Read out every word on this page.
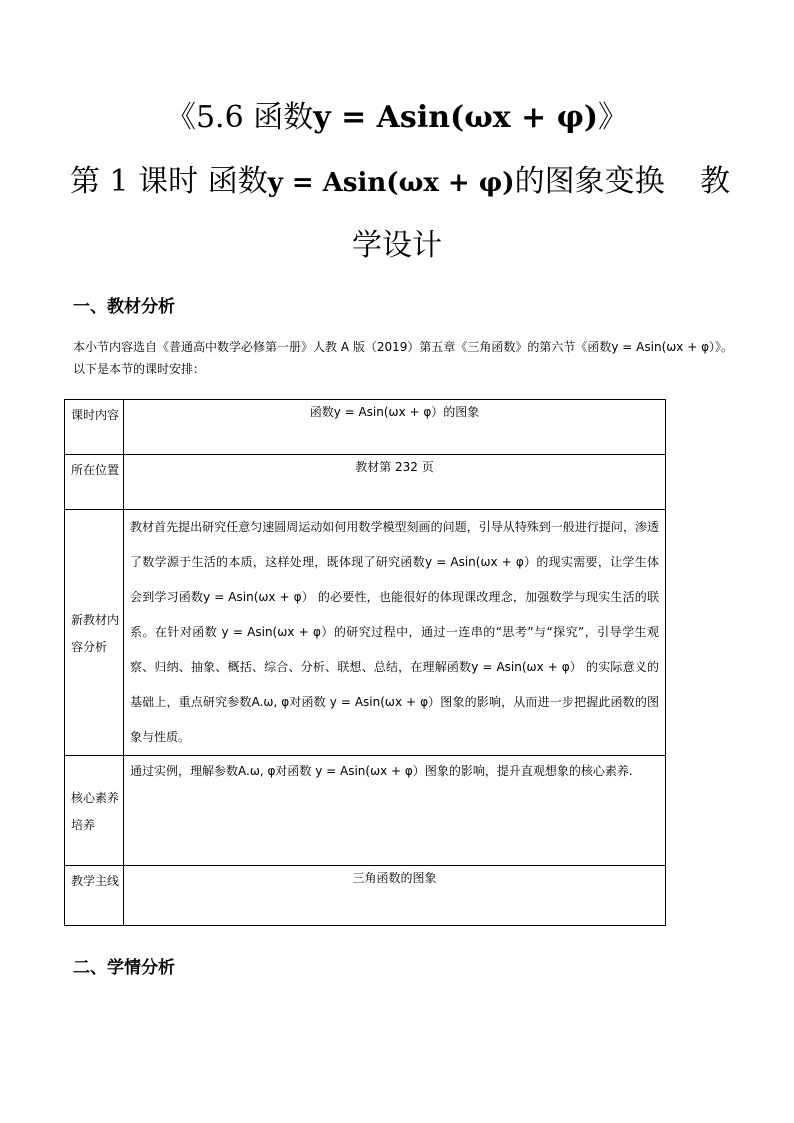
《5.6 函数y = Asin(ωx + φ)》
第 1 课时 函数y = Asin(ωx + φ)的图象变换 教
学设计
一、教材分析
本小节内容选自《普通高中数学必修第一册》人教 A 版（2019）第五章《三角函数》的第六节《函数y = Asin(ωx + φ）》。以下是本节的课时安排：
课时内容	函数y = Asin(ωx + φ）的图象
所在位置	教材第 232 页
新教材内容分析	教材首先提出研究任意匀速圆周运动如何用数学模型刻画的问题，引导从特殊到一般进行提问，渗透了数学源于生活的本质，这样处理，既体现了研究函数y = Asin(ωx + φ）的现实需要，让学生体会到学习函数y = Asin(ωx + φ） 的必要性，也能很好的体现课改理念，加强数学与现实生活的联系。在针对函数 y = Asin(ωx + φ）的研究过程中，通过一连串的“思考”与“探究”，引导学生观察、归纳、抽象、概括、综合、分析、联想、总结，在理解函数y = Asin(ωx + φ） 的实际意义的基础上，重点研究参数A.ω, φ对函数 y = Asin(ωx + φ）图象的影响，从而进一步把握此函数的图象与性质。
核心素养培养	通过实例，理解参数A.ω, φ对函数 y = Asin(ωx + φ）图象的影响，提升直观想象的核心素养.
教学主线	三角函数的图象
二、学情分析
